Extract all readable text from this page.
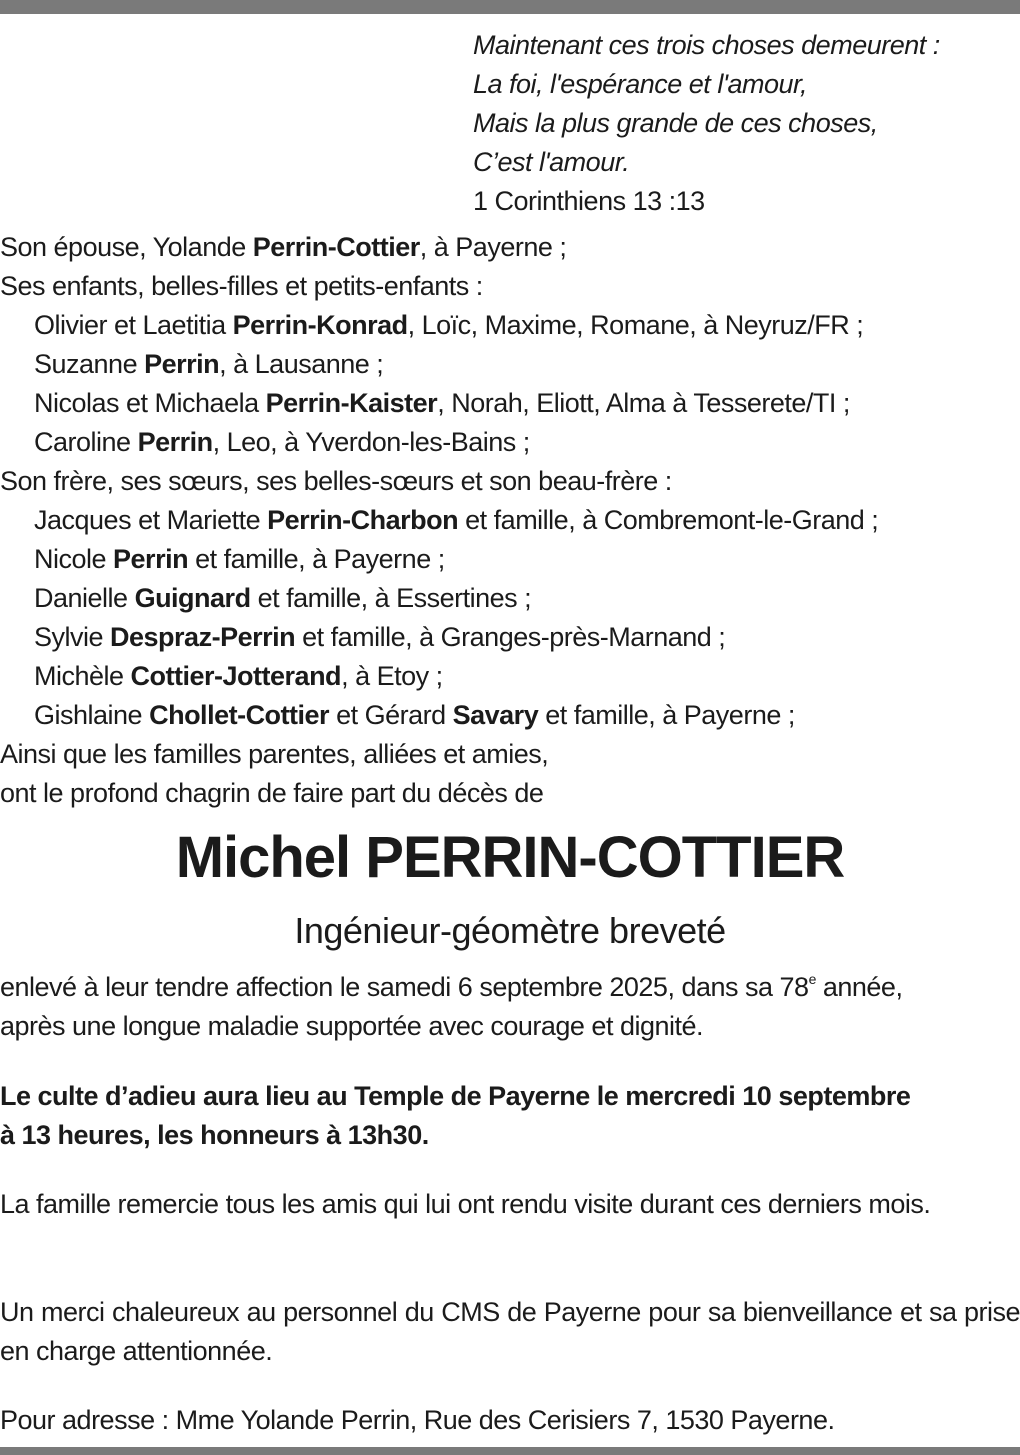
Maintenant ces trois choses demeurent :
La foi, l'espérance et l'amour,
Mais la plus grande de ces choses,
C’est l'amour.
1 Corinthiens 13 :13
Son épouse, Yolande Perrin-Cottier, à Payerne ;
Ses enfants, belles-filles et petits-enfants :
Olivier et Laetitia Perrin-Konrad, Loïc, Maxime, Romane, à Neyruz/FR ;
Suzanne Perrin, à Lausanne ;
Nicolas et Michaela Perrin-Kaister, Norah, Eliott, Alma à Tesserete/TI ;
Caroline Perrin, Leo, à Yverdon-les-Bains ;
Son frère, ses sœurs, ses belles-sœurs et son beau-frère :
Jacques et Mariette Perrin-Charbon et famille, à Combremont-le-Grand ;
Nicole Perrin et famille, à Payerne ;
Danielle Guignard et famille, à Essertines ;
Sylvie Despraz-Perrin et famille, à Granges-près-Marnand ;
Michèle Cottier-Jotterand, à Etoy ;
Gishlaine Chollet-Cottier et Gérard Savary et famille, à Payerne ;
Ainsi que les familles parentes, alliées et amies,
ont le profond chagrin de faire part du décès de
Michel PERRIN-COTTIER
Ingénieur-géomètre breveté
enlevé à leur tendre affection le samedi 6 septembre 2025, dans sa 78e année,
après une longue maladie supportée avec courage et dignité.
Le culte d’adieu aura lieu au Temple de Payerne le mercredi 10 septembre
à 13 heures, les honneurs à 13h30.
La famille remercie tous les amis qui lui ont rendu visite durant ces derniers mois.
Un merci chaleureux au personnel du CMS de Payerne pour sa bienveillance et sa prise en charge attentionnée.
Pour adresse : Mme Yolande Perrin, Rue des Cerisiers 7, 1530 Payerne.
